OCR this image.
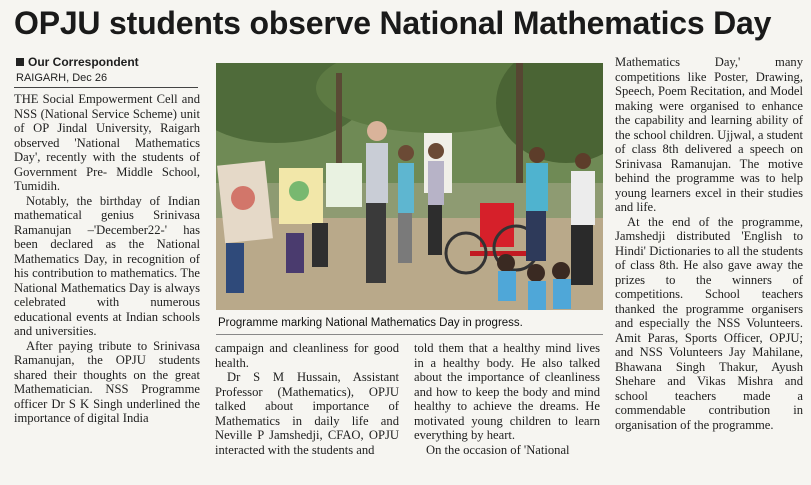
OPJU students observe National Mathematics Day
Our Correspondent
RAIGARH, Dec 26

THE Social Empowerment Cell and NSS (National Service Scheme) unit of OP Jindal University, Raigarh observed 'National Mathematics Day', recently with the students of Government Pre- Middle School, Tumidih.

Notably, the birthday of Indian mathematical genius Srinivasa Ramanujan –'December22-' has been declared as the National Mathematics Day, in recognition of his contribution to mathematics. The National Mathematics Day is always celebrated with numerous educational events at Indian schools and universities.

After paying tribute to Srinivasa Ramanujan, the OPJU students shared their thoughts on the great Mathematician. NSS Programme officer Dr S K Singh underlined the importance of digital India

Programme marking National Mathematics Day in progress.

campaign and cleanliness for good health.

Dr S M Hussain, Assistant Professor (Mathematics), OPJU talked about importance of Mathematics in daily life and Neville P Jamshedji, CFAO, OPJU interacted with the students and

told them that a healthy mind lives in a healthy body. He also talked about the importance of cleanliness and how to keep the body and mind healthy to achieve the dreams. He motivated young children to learn everything by heart.

On the occasion of 'National

Mathematics Day,' many competitions like Poster, Drawing, Speech, Poem Recitation, and Model making were organised to enhance the capability and learning ability of the school children. Ujjwal, a student of class 8th delivered a speech on Srinivasa Ramanujan. The motive behind the programme was to help young learners excel in their studies and life.

At the end of the programme, Jamshedji distributed 'English to Hindi' Dictionaries to all the students of class 8th. He also gave away the prizes to the winners of competitions. School teachers thanked the programme organisers and especially the NSS Volunteers. Amit Paras, Sports Officer, OPJU; and NSS Volunteers Jay Mahilane, Bhawana Singh Thakur, Ayush Shehare and Vikas Mishra and school teachers made a commendable contribution in organisation of the programme.
